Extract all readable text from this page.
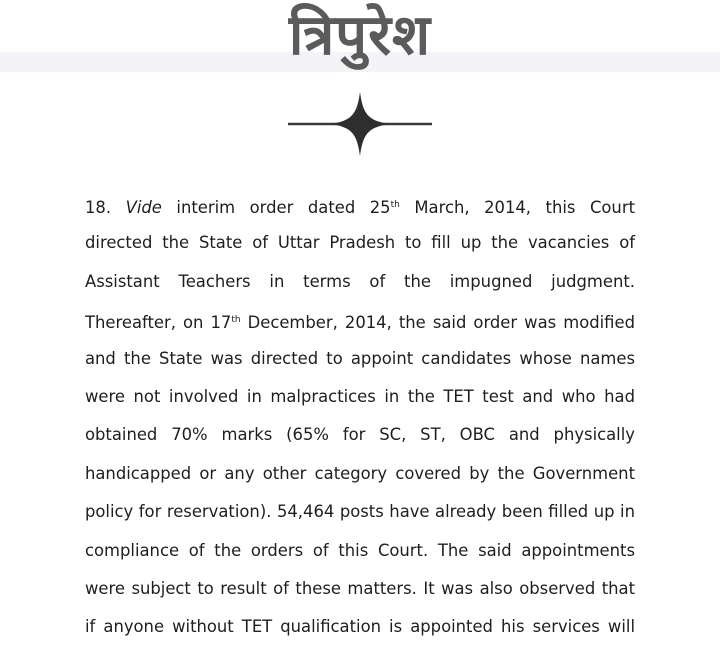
त्रिपुरेश
18. Vide interim order dated 25th March, 2014, this Court
directed the State of Uttar Pradesh to fill up the vacancies of
Assistant Teachers in terms of the impugned judgment.
Thereafter, on 17th December, 2014, the said order was modified
and the State was directed to appoint candidates whose names
were not involved in malpractices in the TET test and who had
obtained 70% marks (65% for SC, ST, OBC and physically
handicapped or any other category covered by the Government
policy for reservation). 54,464 posts have already been filled up in
compliance of the orders of this Court. The said appointments
were subject to result of these matters. It was also observed that
if anyone without TET qualification is appointed his services will
